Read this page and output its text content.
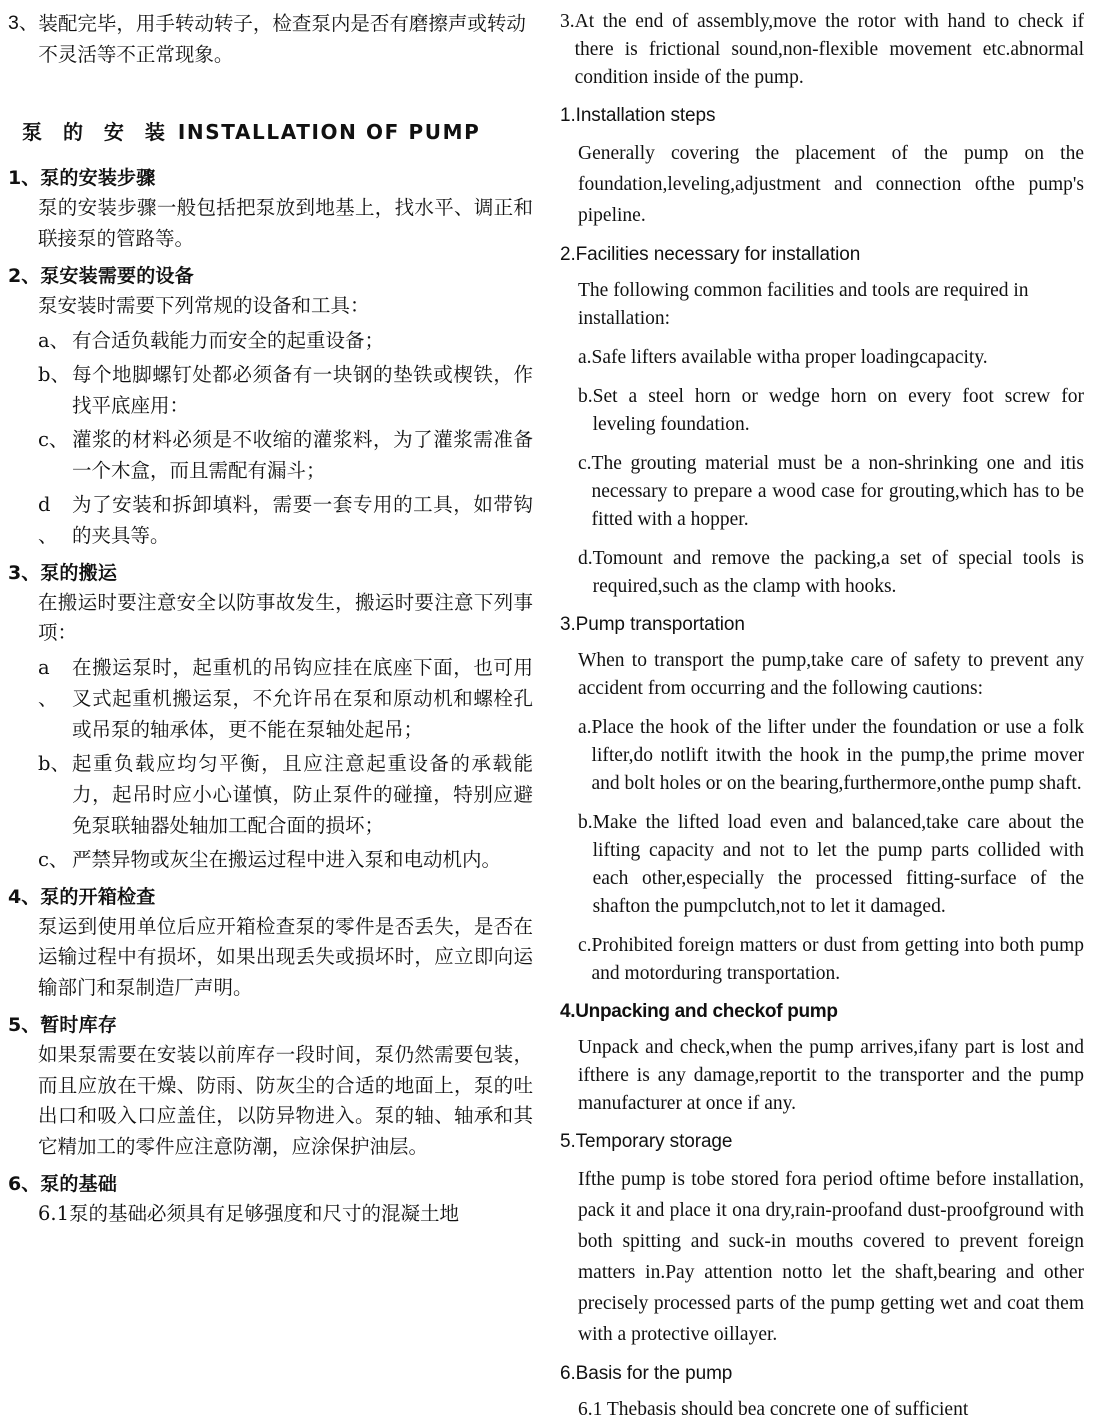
3、 装配完毕，用手转动转子，检查泵内是否有磨擦声或转动不灵活等不正常现象。
泵 的 安 装 INSTALLATION OF PUMP
1、 泵的安装步骤
泵的安装步骤一般包括把泵放到地基上，找水平、调正和联接泵的管路等。
2、 泵安装需要的设备
泵安装时需要下列常规的设备和工具：
a、 有合适负载能力而安全的起重设备；
b、 每个地脚螺钉处都必须备有一块钢的垫铁或楔铁，作找平底座用：
c、 灌浆的材料必须是不收缩的灌浆料，为了灌浆需准备一个木盒，而且需配有漏斗；
d 、
为了安装和拆卸填料，需要一套专用的工具，如带钩的夹具等。
3、 泵的搬运
在搬运时要注意安全以防事故发生，搬运时要注意下列事项：
a 、
在搬运泵时，起重机的吊钩应挂在底座下面，也可用叉式起重机搬运泵，不允许吊在泵和原动机和螺栓孔或吊泵的轴承体，更不能在泵轴处起吊；
b、 起重负载应均匀平衡，且应注意起重设备的承载能力，起吊时应小心谨慎，防止泵件的碰撞，特别应避免泵联轴器处轴加工配合面的损坏；
c、 严禁异物或灰尘在搬运过程中进入泵和电动机内。
4、 泵的开箱检查
泵运到使用单位后应开箱检查泵的零件是否丢失，是否在运输过程中有损坏，如果出现丢失或损坏时，应立即向运输部门和泵制造厂声明。
5、 暂时库存
如果泵需要在安装以前库存一段时间，泵仍然需要包装，而且应放在干燥、防雨、防灰尘的合适的地面上，泵的吐出口和吸入口应盖住，以防异物进入。泵的轴、轴承和其它精加工的零件应注意防潮，应涂保护油层。
6、 泵的基础
6.1泵的基础必须具有足够强度和尺寸的混凝土地
3. At the end of assembly,move the rotor with hand to check if there is frictional sound,non-flexible movement etc.abnormal condition inside of the pump.
1.Installation steps
Generally covering the placement of the pump on the foundation,leveling,adjustment and connection ofthe pump's pipeline.
2.Facilities necessary for installation
The following common facilities and tools are required in installation:
a. Safe lifters available witha proper loadingcapacity.
b. Set a steel horn or wedge horn on every foot screw for leveling foundation.
c. The grouting material must be a non-shrinking one and itis necessary to prepare a wood case for grouting,which has to be fitted with a hopper.
d. Tomount and remove the packing,a set of special tools is required,such as the clamp with hooks.
3.Pump transportation
When to transport the pump,take care of safety to prevent any accident from occurring and the following cautions:
a. Place the hook of the lifter under the foundation or use a folk lifter,do notlift itwith the hook in the pump,the prime mover and bolt holes or on the bearing,furthermore,onthe pump shaft.
b. Make the lifted load even and balanced,take care about the lifting capacity and not to let the pump parts collided with each other,especially the processed fitting-surface of the shafton the pumpclutch,not to let it damaged.
c. Prohibited foreign matters or dust from getting into both pump and motorduring transportation.
4.Unpacking and checkof pump
Unpack and check,when the pump arrives,ifany part is lost and ifthere is any damage,reportit to the transporter and the pump manufacturer at once if any.
5.Temporary storage
Ifthe pump is tobe stored fora period oftime before installation, pack it and place it ona dry,rain-proofand dust-proofground with both spitting and suck-in mouths covered to prevent foreign matters in.Pay attention notto let the shaft,bearing and other precisely processed parts of the pump getting wet and coat them with a protective oillayer.
6.Basis for the pump
6.1 Thebasis should bea concrete one of sufficient
